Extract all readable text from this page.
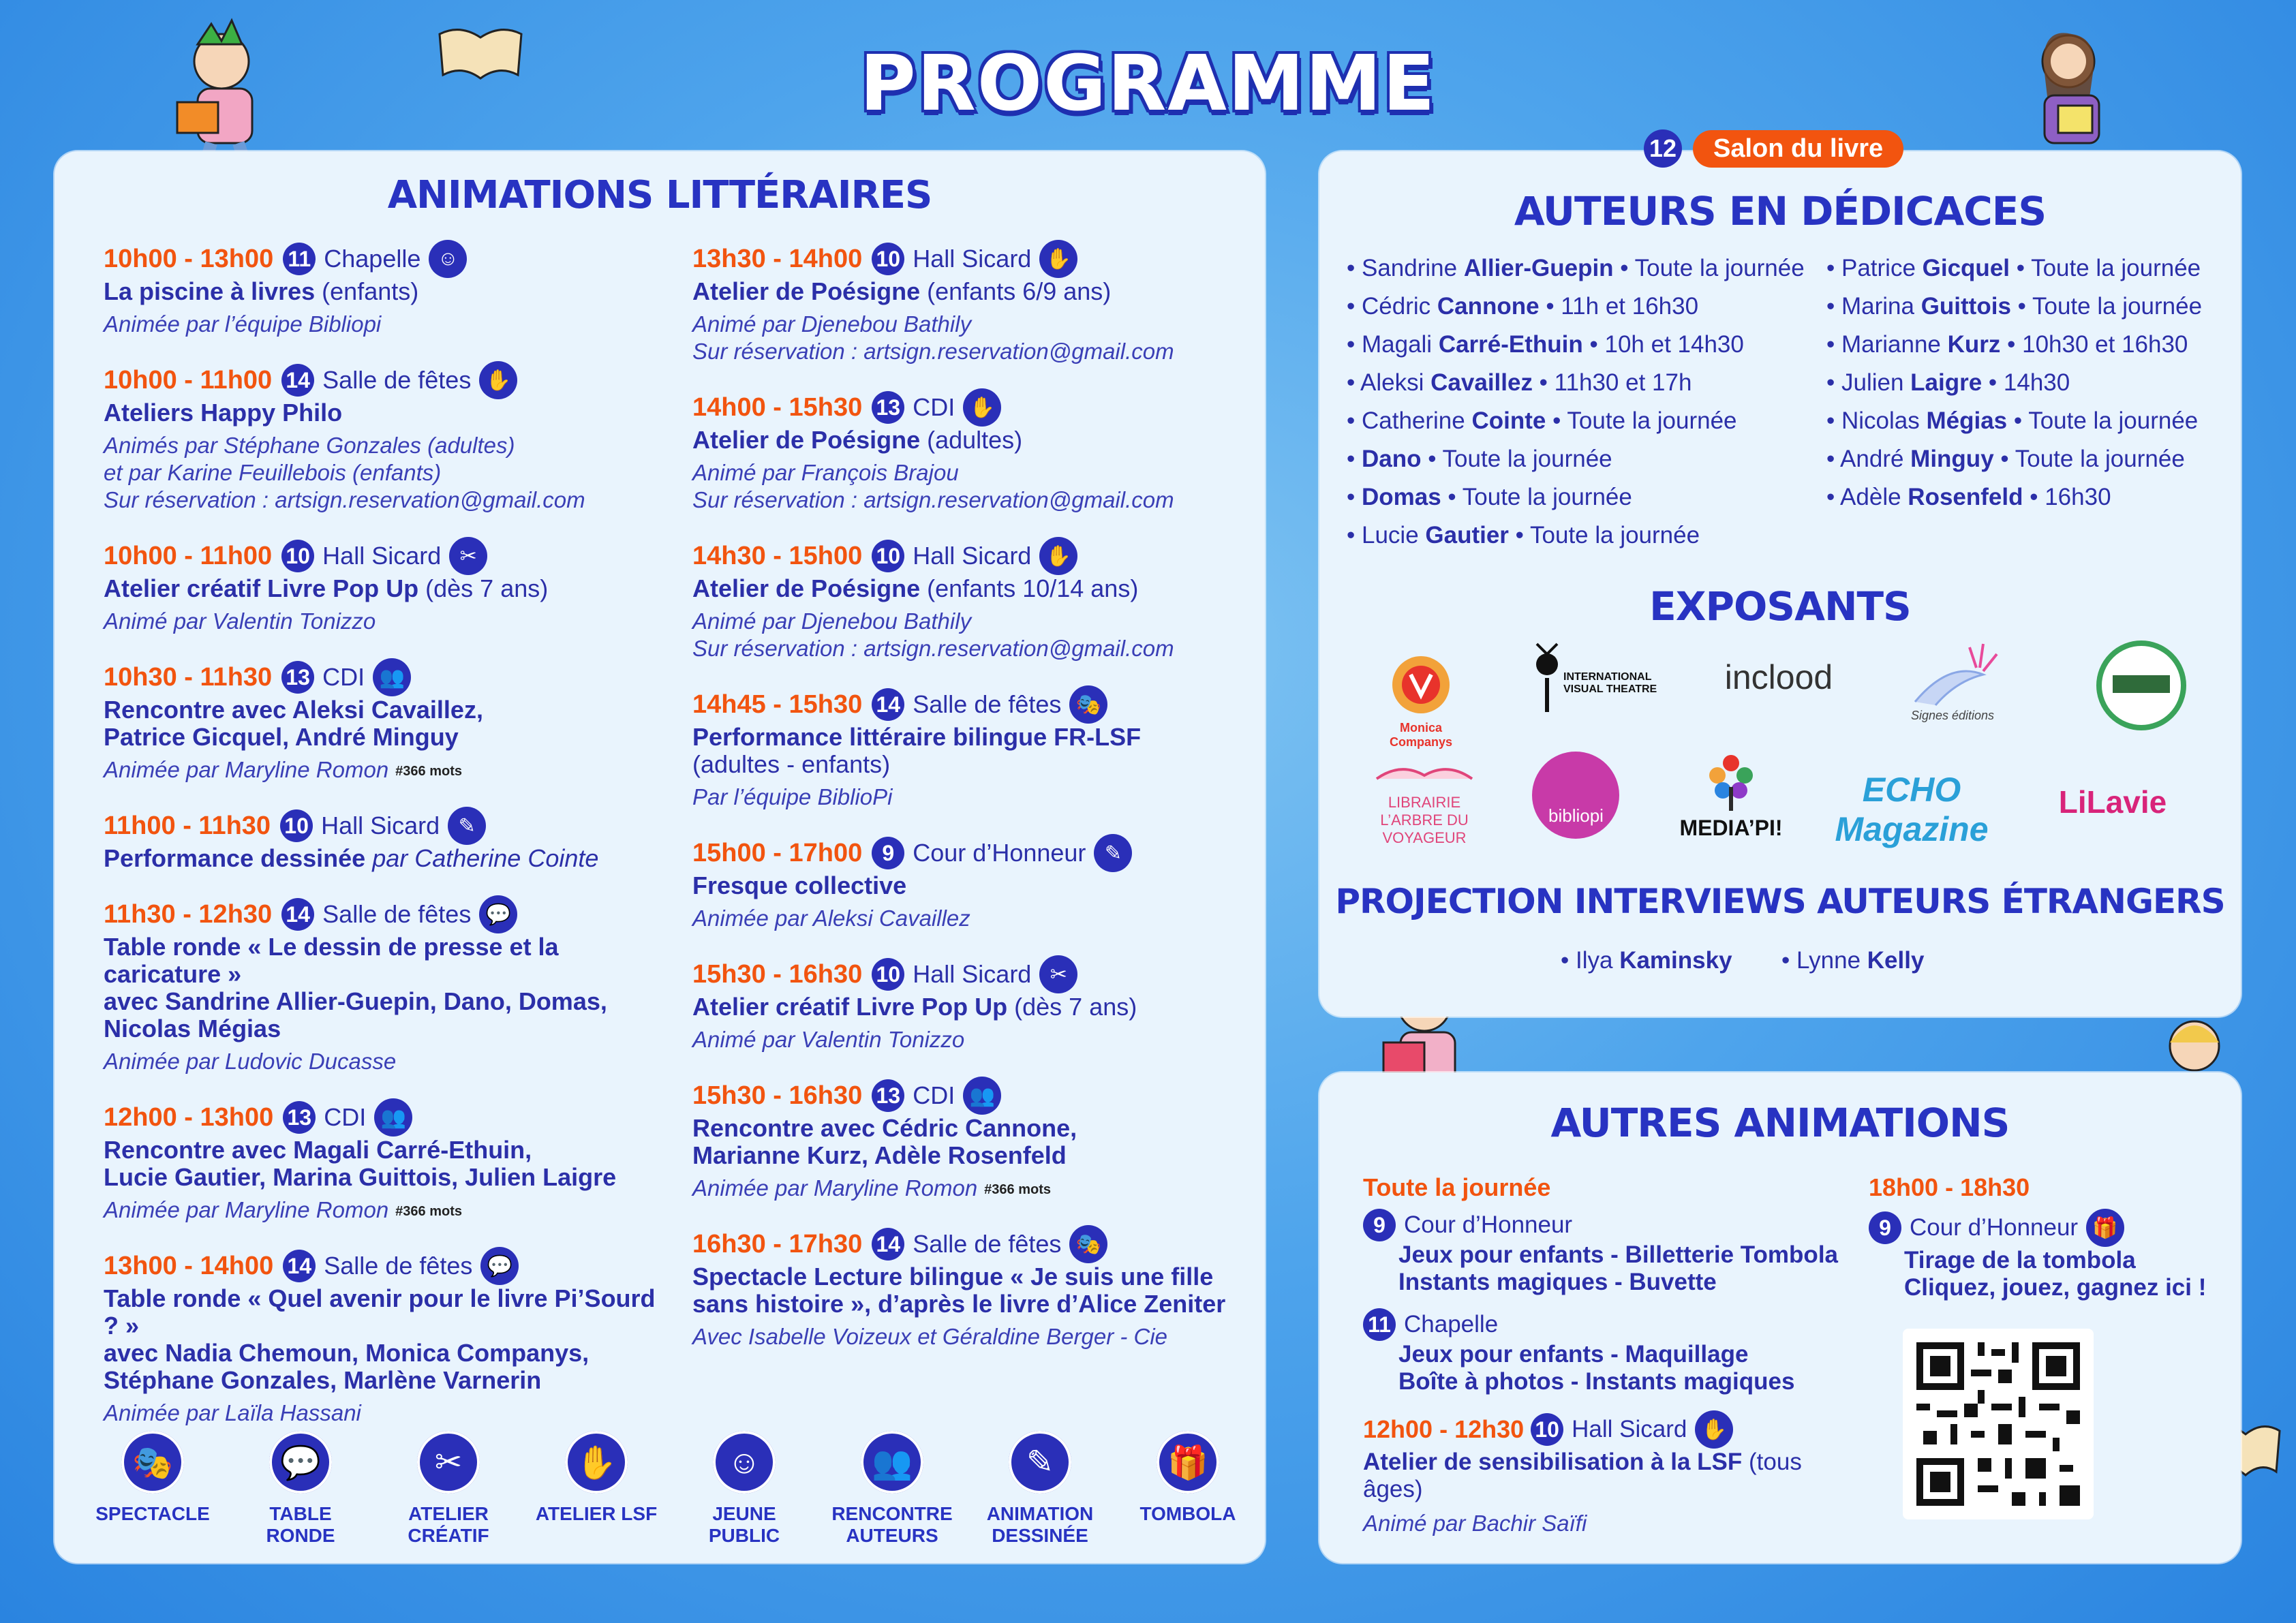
PROGRAMME
ANIMATIONS LITTÉRAIRES
10h00 - 13h00 11 Chapelle ☺
La piscine à livres (enfants)
Animée par l’équipe Bibliopi
10h00 - 11h00 14 Salle de fêtes ✋
Ateliers Happy Philo
Animés par Stéphane Gonzales (adultes)
et par Karine Feuillebois (enfants)
Sur réservation : artsign.reservation@gmail.com
10h00 - 11h00 10 Hall Sicard ✂
Atelier créatif Livre Pop Up (dès 7 ans)
Animé par Valentin Tonizzo
10h30 - 11h30 13 CDI 👥
Rencontre avec Aleksi Cavaillez,
Patrice Gicquel, André Minguy
Animée par Maryline Romon #366 mots
11h00 - 11h30 10 Hall Sicard ✎
Performance dessinée par Catherine Cointe
11h30 - 12h30 14 Salle de fêtes 💬
Table ronde « Le dessin de presse et la caricature »
avec Sandrine Allier-Guepin, Dano, Domas,
Nicolas Mégias
Animée par Ludovic Ducasse
12h00 - 13h00 13 CDI 👥
Rencontre avec Magali Carré-Ethuin,
Lucie Gautier, Marina Guittois, Julien Laigre
Animée par Maryline Romon #366 mots
13h00 - 14h00 14 Salle de fêtes 💬
Table ronde « Quel avenir pour le livre Pi’Sourd ? »
avec Nadia Chemoun, Monica Companys,
Stéphane Gonzales, Marlène Varnerin
Animée par Laïla Hassani
13h30 - 14h00 10 Hall Sicard ✋
Atelier de Poésigne (enfants 6/9 ans)
Animé par Djenebou Bathily
Sur réservation : artsign.reservation@gmail.com
14h00 - 15h30 13 CDI ✋
Atelier de Poésigne (adultes)
Animé par François Brajou
Sur réservation : artsign.reservation@gmail.com
14h30 - 15h00 10 Hall Sicard ✋
Atelier de Poésigne (enfants 10/14 ans)
Animé par Djenebou Bathily
Sur réservation : artsign.reservation@gmail.com
14h45 - 15h30 14 Salle de fêtes 🎭
Performance littéraire bilingue FR-LSF
(adultes - enfants)
Par l’équipe BiblioPi
15h00 - 17h00 9 Cour d’Honneur ✎
Fresque collective
Animée par Aleksi Cavaillez
15h30 - 16h30 10 Hall Sicard ✂
Atelier créatif Livre Pop Up (dès 7 ans)
Animé par Valentin Tonizzo
15h30 - 16h30 13 CDI 👥
Rencontre avec Cédric Cannone,
Marianne Kurz, Adèle Rosenfeld
Animée par Maryline Romon #366 mots
16h30 - 17h30 14 Salle de fêtes 🎭
Spectacle Lecture bilingue « Je suis une fille
sans histoire », d’après le livre d’Alice Zeniter
Avec Isabelle Voizeux et Géraldine Berger - Cie
12	Salon du livre
AUTEURS EN DÉDICACES
• Sandrine Allier-Guepin • Toute la journée
• Cédric Cannone • 11h et 16h30
• Magali Carré-Ethuin • 10h et 14h30
• Aleksi Cavaillez • 11h30 et 17h
• Catherine Cointe • Toute la journée
• Dano • Toute la journée
• Domas • Toute la journée
• Lucie Gautier • Toute la journée
• Patrice Gicquel • Toute la journée
• Marina Guittois • Toute la journée
• Marianne Kurz • 10h30 et 16h30
• Julien Laigre • 14h30
• Nicolas Mégias • Toute la journée
• André Minguy • Toute la journée
• Adèle Rosenfeld • 16h30
EXPOSANTS
Monica Companys
INTERNATIONAL VISUAL THEATRE	inclood
Signes éditions
LIBRAIRIE L’ARBRE DU VOYAGEUR
bibliopi	MEDIA’PI!
ECHO Magazine
LiLavie
PROJECTION INTERVIEWS AUTEURS ÉTRANGERS
• Ilya Kaminsky • Lynne Kelly
AUTRES ANIMATIONS
Toute la journée
9 Cour d’Honneur
Jeux pour enfants - Billetterie Tombola
Instants magiques - Buvette
11 Chapelle
Jeux pour enfants - Maquillage
Boîte à photos - Instants magiques
12h00 - 12h30 10 Hall Sicard ✋
Atelier de sensibilisation à la LSF (tous âges)
Animé par Bachir Saïfi
18h00 - 18h30
9 Cour d’Honneur 🎁
Tirage de la tombola
Cliquez, jouez, gagnez ici !
🎭
SPECTACLE
💬
TABLE
RONDE
✂
ATELIER
CRÉATIF
✋
ATELIER LSF
☺
JEUNE
PUBLIC
👥
RENCONTRE
AUTEURS
✎
ANIMATION
DESSINÉE
🎁
TOMBOLA
